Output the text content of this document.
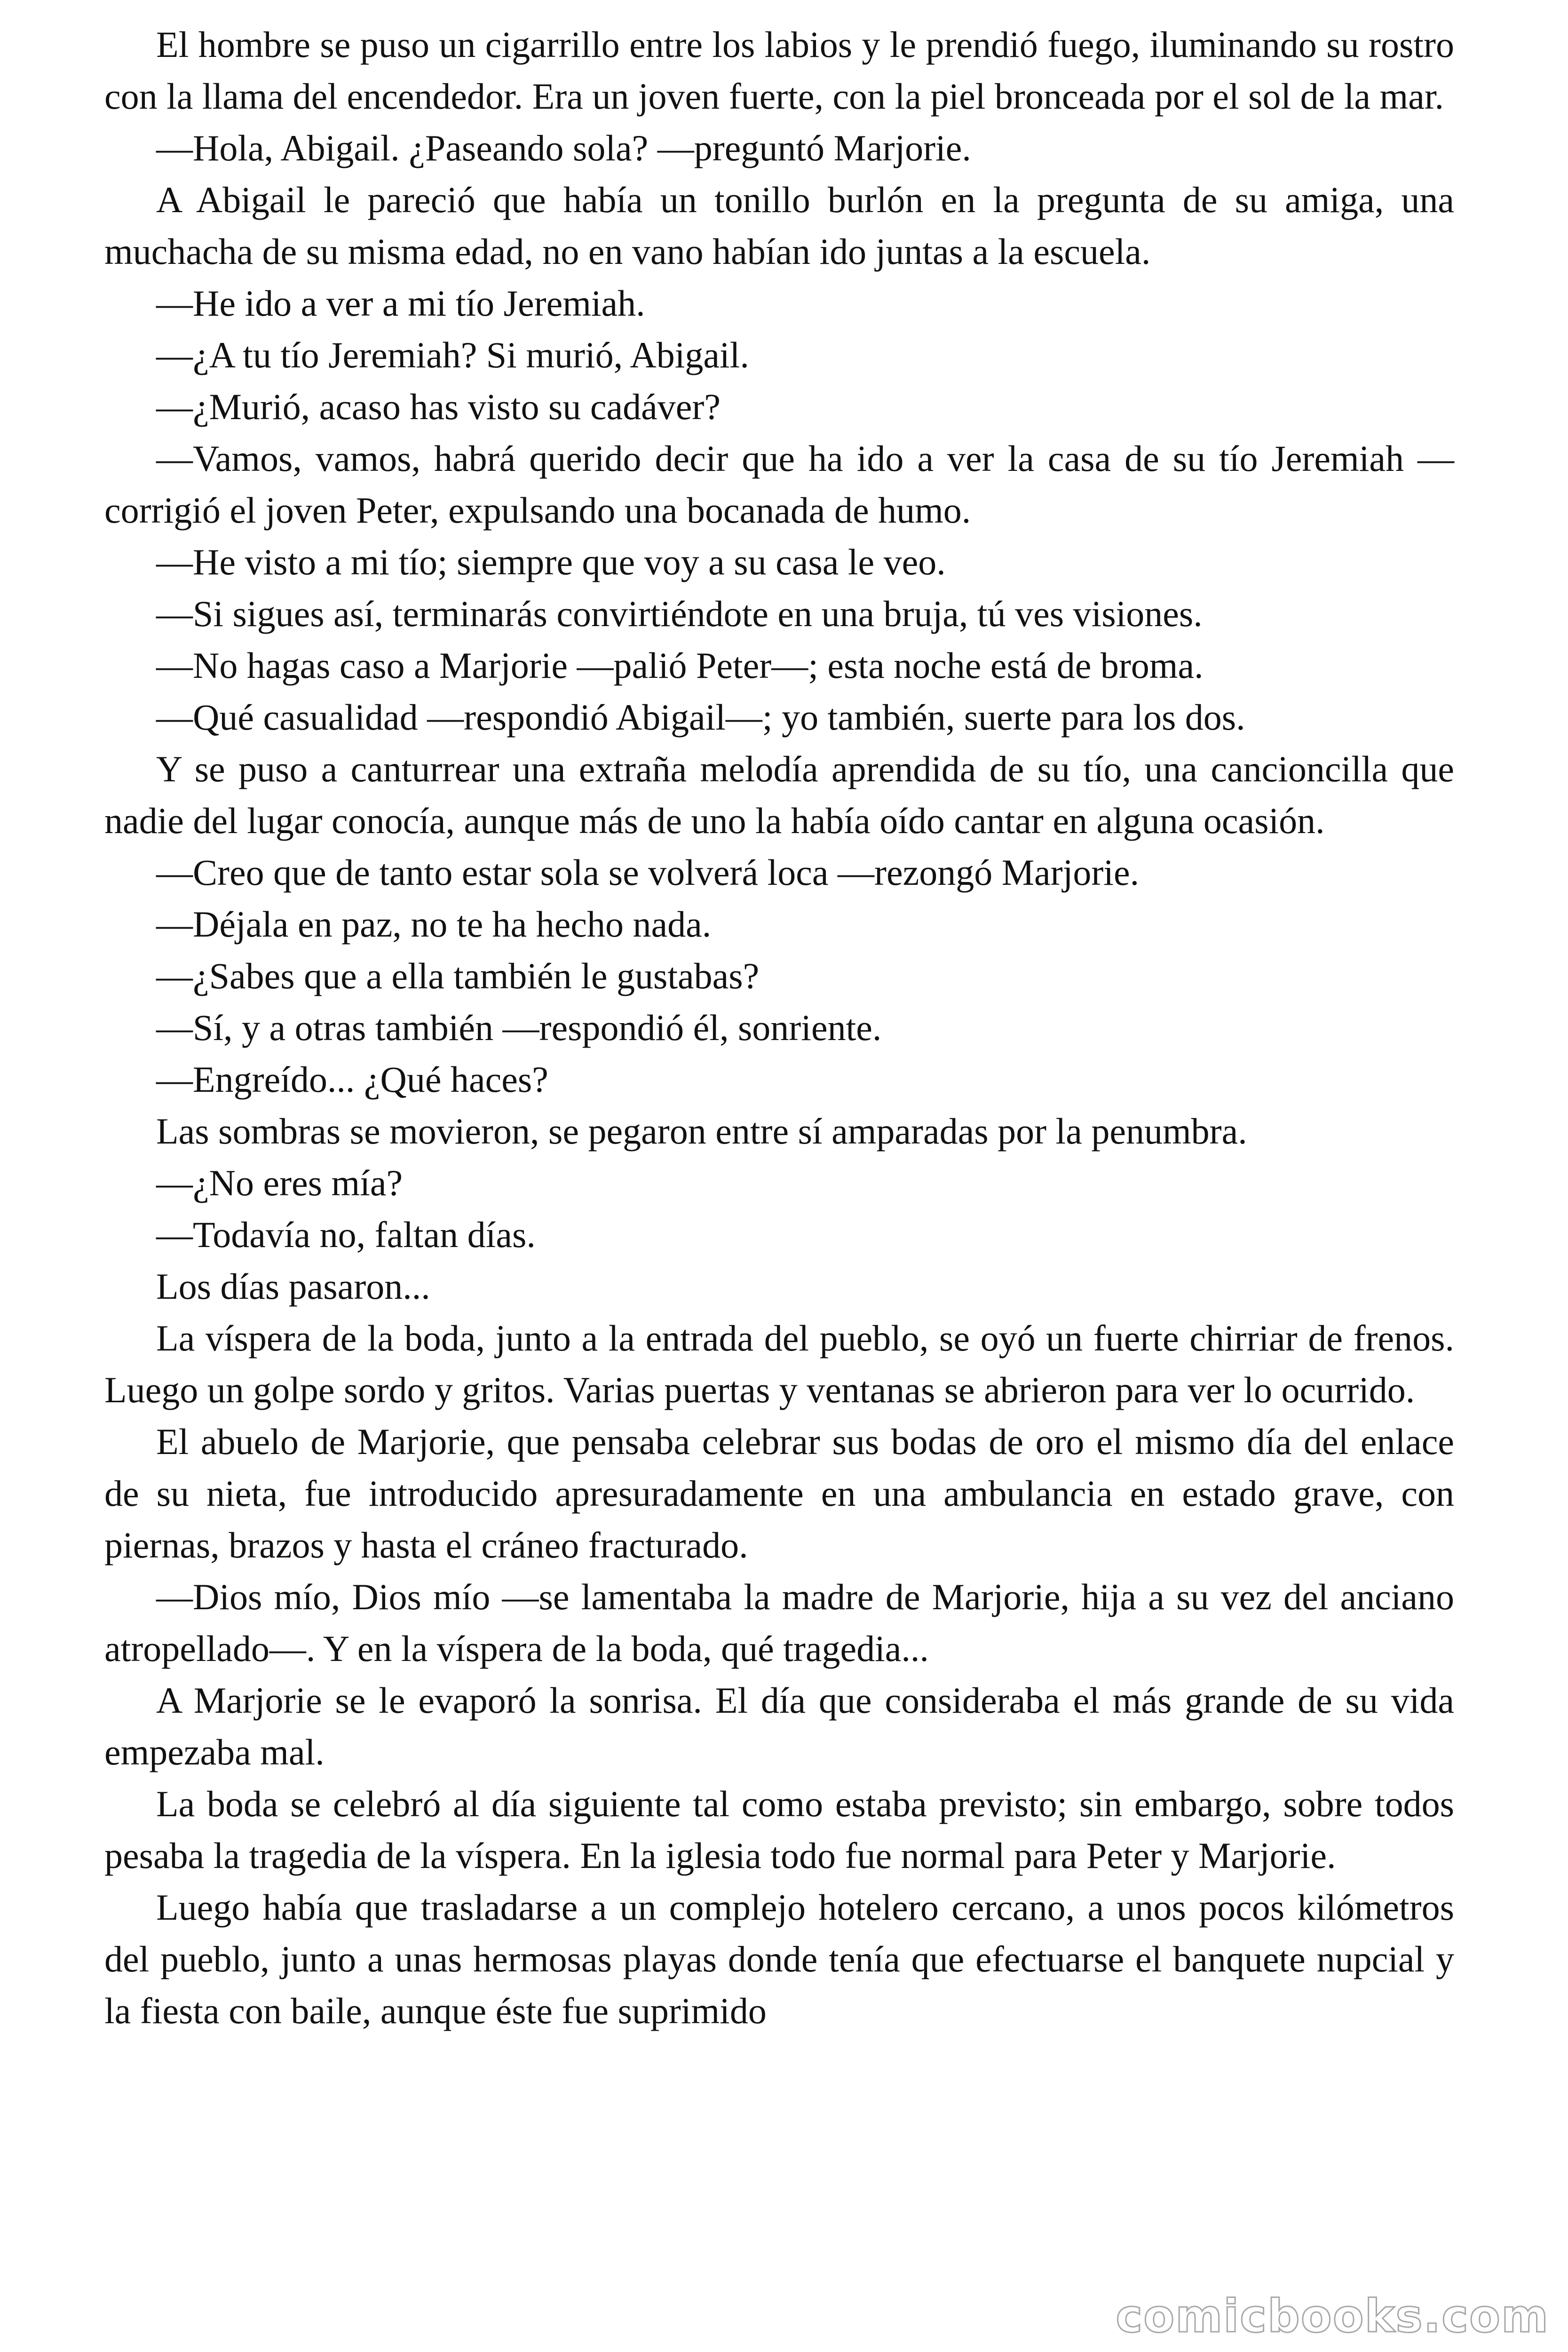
El hombre se puso un cigarrillo entre los labios y le prendió fuego, iluminando su rostro con la llama del encendedor. Era un joven fuerte, con la piel bronceada por el sol de la mar.

—Hola, Abigail. ¿Paseando sola? —preguntó Marjorie.

A Abigail le pareció que había un tonillo burlón en la pregunta de su amiga, una muchacha de su misma edad, no en vano habían ido juntas a la escuela.

—He ido a ver a mi tío Jeremiah.

—¿A tu tío Jeremiah? Si murió, Abigail.

—¿Murió, acaso has visto su cadáver?

—Vamos, vamos, habrá querido decir que ha ido a ver la casa de su tío Jeremiah —corrigió el joven Peter, expulsando una bocanada de humo.

—He visto a mi tío; siempre que voy a su casa le veo.

—Si sigues así, terminarás convirtiéndote en una bruja, tú ves visiones.

—No hagas caso a Marjorie —palió Peter—; esta noche está de broma.

—Qué casualidad —respondió Abigail—; yo también, suerte para los dos.

Y se puso a canturrear una extraña melodía aprendida de su tío, una cancioncilla que nadie del lugar conocía, aunque más de uno la había oído cantar en alguna ocasión.

—Creo que de tanto estar sola se volverá loca —rezongó Marjorie.

—Déjala en paz, no te ha hecho nada.

—¿Sabes que a ella también le gustabas?

—Sí, y a otras también —respondió él, sonriente.

—Engreído... ¿Qué haces?

Las sombras se movieron, se pegaron entre sí amparadas por la penumbra.

—¿No eres mía?

—Todavía no, faltan días.

Los días pasaron...

La víspera de la boda, junto a la entrada del pueblo, se oyó un fuerte chirriar de frenos. Luego un golpe sordo y gritos. Varias puertas y ventanas se abrieron para ver lo ocurrido.

El abuelo de Marjorie, que pensaba celebrar sus bodas de oro el mismo día del enlace de su nieta, fue introducido apresuradamente en una ambulancia en estado grave, con piernas, brazos y hasta el cráneo fracturado.

—Dios mío, Dios mío —se lamentaba la madre de Marjorie, hija a su vez del anciano atropellado—. Y en la víspera de la boda, qué tragedia...

A Marjorie se le evaporó la sonrisa. El día que consideraba el más grande de su vida empezaba mal.

La boda se celebró al día siguiente tal como estaba previsto; sin embargo, sobre todos pesaba la tragedia de la víspera. En la iglesia todo fue normal para Peter y Marjorie.

Luego había que trasladarse a un complejo hotelero cercano, a unos pocos kilómetros del pueblo, junto a unas hermosas playas donde tenía que efectuarse el banquete nupcial y la fiesta con baile, aunque éste fue suprimido

comicbooks.com
